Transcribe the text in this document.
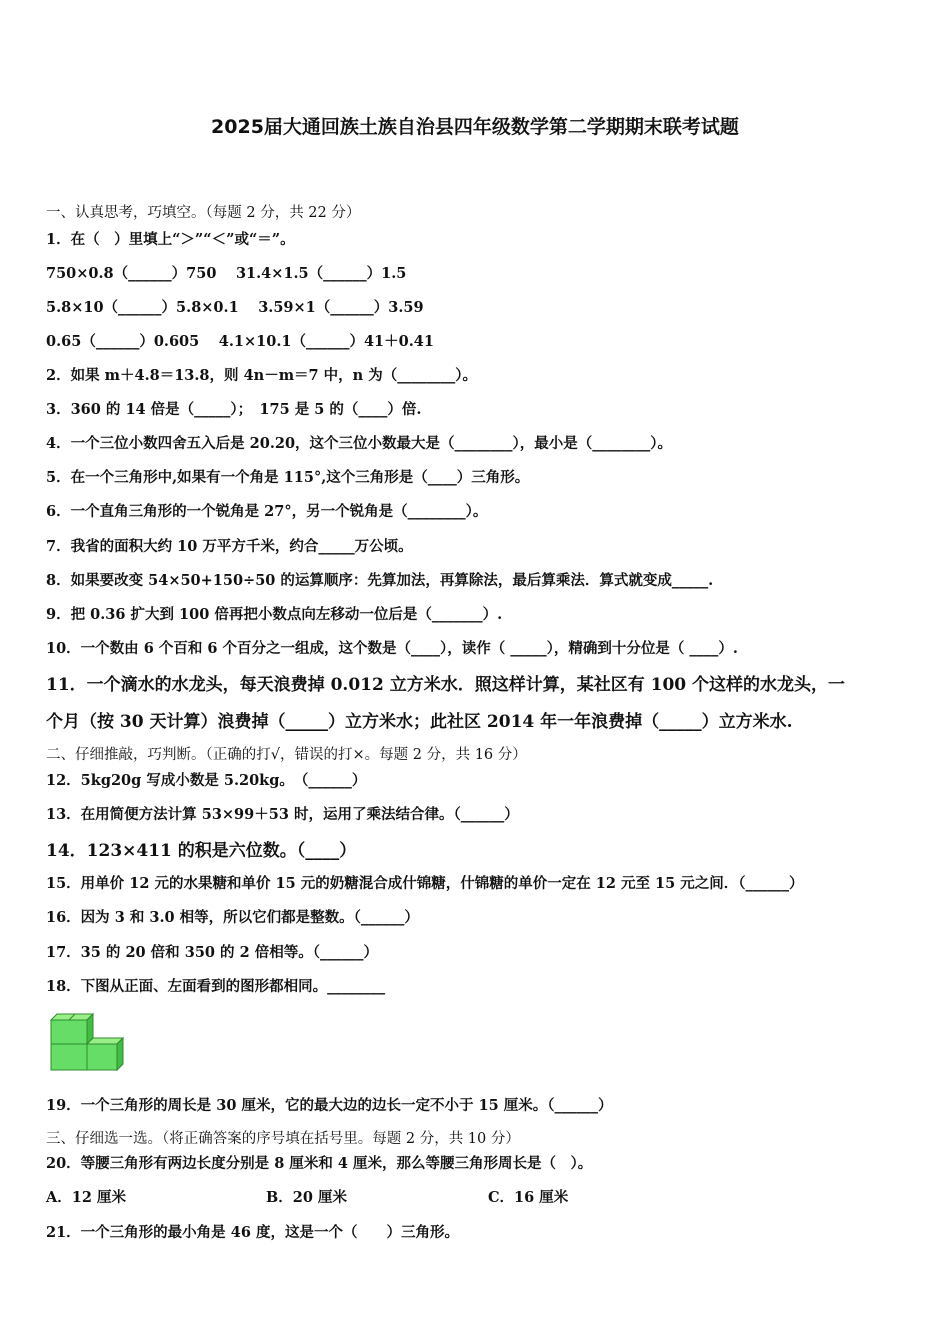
2025届大通回族土族自治县四年级数学第二学期期末联考试题
一、认真思考，巧填空。（每题 2 分，共 22 分）
1．在（　）里填上“＞”“＜”或“＝”。
750×0.8（______）750　 31.4×1.5（______）1.5
5.8×10（______）5.8×0.1　 3.59×1（______）3.59
0.65（______）0.605　 4.1×10.1（______）41＋0.41
2．如果 m＋4.8＝13.8，则 4n－m＝7 中，n 为（________）。
3．360 的 14 倍是（_____）；　175 是 5 的（____）倍.
4．一个三位小数四舍五入后是 20.20，这个三位小数最大是（________），最小是（________）。
5．在一个三角形中,如果有一个角是 115°,这个三角形是（____）三角形。
6．一个直角三角形的一个锐角是 27°，另一个锐角是（________）。
7．我省的面积大约 10 万平方千米，约合_____万公顷。
8．如果要改变 54×50+150÷50 的运算顺序：先算加法，再算除法，最后算乘法．算式就变成_____.
9．把 0.36 扩大到 100 倍再把小数点向左移动一位后是（_______）.
10．一个数由 6 个百和 6 个百分之一组成，这个数是（____），读作（ _____），精确到十分位是（ ____）.
11．一个滴水的水龙头，每天浪费掉 0.012 立方米水．照这样计算，某社区有 100 个这样的水龙头，一
个月（按 30 天计算）浪费掉（_____）立方米水；此社区 2014 年一年浪费掉（_____）立方米水.
二、仔细推敲，巧判断。（正确的打√，错误的打×。每题 2 分，共 16 分）
12．5kg20g 写成小数是 5.20kg。　（______）
13．在用简便方法计算 53×99＋53 时，运用了乘法结合律。（______）
14．123×411 的积是六位数。（____）
15．用单价 12 元的水果糖和单价 15 元的奶糖混合成什锦糖，什锦糖的单价一定在 12 元至 15 元之间．（______）
16．因为 3 和 3.0 相等，所以它们都是整数。（______）
17．35 的 20 倍和 350 的 2 倍相等。（______）
18．下图从正面、左面看到的图形都相同。________
19．一个三角形的周长是 30 厘米，它的最大边的边长一定不小于 15 厘米。（______）
三、仔细选一选。（将正确答案的序号填在括号里。每题 2 分，共 10 分）
20．等腰三角形有两边长度分别是 8 厘米和 4 厘米，那么等腰三角形周长是（　）。
A．12 厘米	B．20 厘米	C．16 厘米
21．一个三角形的最小角是 46 度，这是一个（　　）三角形。
